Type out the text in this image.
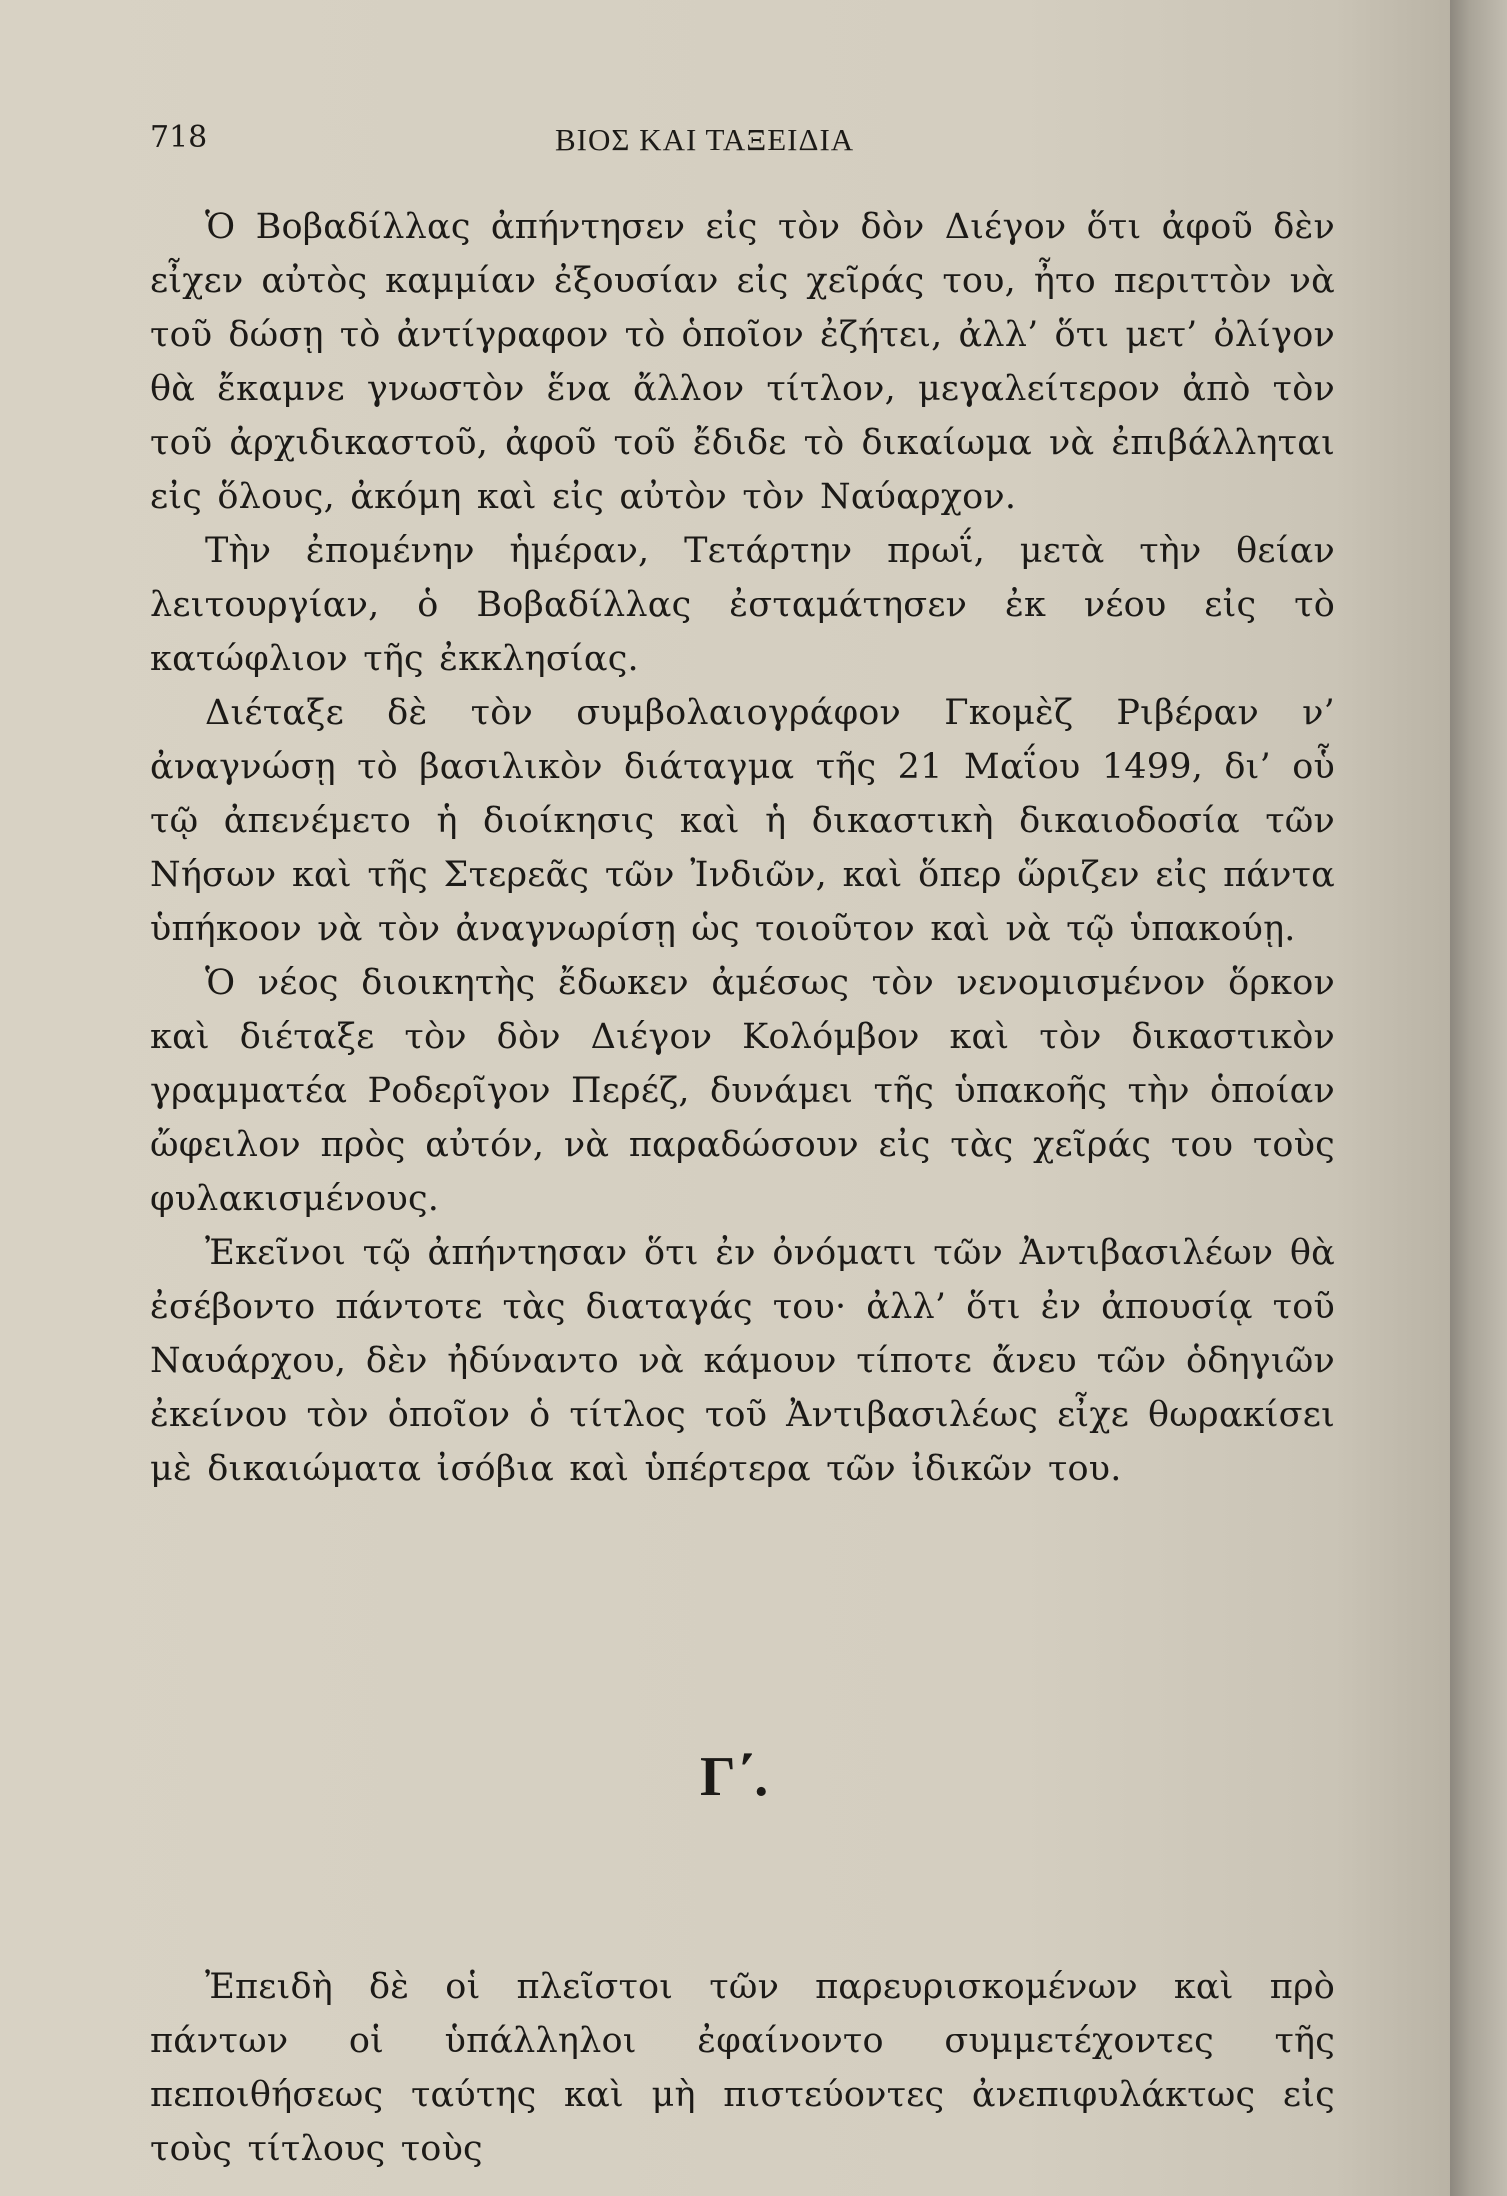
718	ΒΙΟΣ ΚΑΙ ΤΑΞΕΙΔΙΑ

Ὁ Βοβαδίλλας ἀπήντησεν εἰς τὸν δὸν Διέγον ὅτι ἀφοῦ δὲν εἶχεν αὐτὸς καμμίαν ἐξουσίαν εἰς χεῖράς του, ἦτο περιττὸν νὰ τοῦ δώσῃ τὸ ἀντίγραφον τὸ ὁποῖον ἐζήτει, ἀλλ’ ὅτι μετ’ ὀλίγον θὰ ἔκαμνε γνωστὸν ἕνα ἄλλον τίτλον, μεγαλείτερον ἀπὸ τὸν τοῦ ἀρχιδικαστοῦ, ἀφοῦ τοῦ ἔδιδε τὸ δικαίωμα νὰ ἐπιβάλληται εἰς ὅλους, ἀκόμη καὶ εἰς αὐτὸν τὸν Ναύαρχον.

Τὴν ἐπομένην ἡμέραν, Τετάρτην πρωΐ, μετὰ τὴν θείαν λειτουργίαν, ὁ Βοβαδίλλας ἐσταμάτησεν ἐκ νέου εἰς τὸ κατώφλιον τῆς ἐκκλησίας.

Διέταξε δὲ τὸν συμβολαιογράφον Γκομὲζ Ριβέραν ν’ ἀναγνώσῃ τὸ βασιλικὸν διάταγμα τῆς 21 Μαΐου 1499, δι’ οὗ τῷ ἀπενέμετο ἡ διοίκησις καὶ ἡ δικαστικὴ δικαιοδοσία τῶν Νήσων καὶ τῆς Στερεᾶς τῶν Ἰνδιῶν, καὶ ὅπερ ὥριζεν εἰς πάντα ὑπήκοον νὰ τὸν ἀναγνωρίσῃ ὡς τοιοῦτον καὶ νὰ τῷ ὑπακούῃ.

Ὁ νέος διοικητὴς ἔδωκεν ἀμέσως τὸν νενομισμένον ὅρκον καὶ διέταξε τὸν δὸν Διέγον Κολόμβον καὶ τὸν δικαστικὸν γραμματέα Ροδερῖγον Περέζ, δυνάμει τῆς ὑπακοῆς τὴν ὁποίαν ὤφειλον πρὸς αὐτόν, νὰ παραδώσουν εἰς τὰς χεῖράς του τοὺς φυλακισμένους.

Ἐκεῖνοι τῷ ἀπήντησαν ὅτι ἐν ὀνόματι τῶν Ἀντιβασιλέων θὰ ἐσέβοντο πάντοτε τὰς διαταγάς του· ἀλλ’ ὅτι ἐν ἀπουσίᾳ τοῦ Ναυάρχου, δὲν ἠδύναντο νὰ κάμουν τίποτε ἄνευ τῶν ὁδηγιῶν ἐκείνου τὸν ὁποῖον ὁ τίτλος τοῦ Ἀντιβασιλέως εἶχε θωρακίσει μὲ δικαιώματα ἰσόβια καὶ ὑπέρτερα τῶν ἰδικῶν του.

Γ΄.

Ἐπειδὴ δὲ οἱ πλεῖστοι τῶν παρευρισκομένων καὶ πρὸ πάντων οἱ ὑπάλληλοι ἐφαίνοντο συμμετέχοντες τῆς πεποιθήσεως ταύτης καὶ μὴ πιστεύοντες ἀνεπιφυλάκτως εἰς τοὺς τίτλους τοὺς
